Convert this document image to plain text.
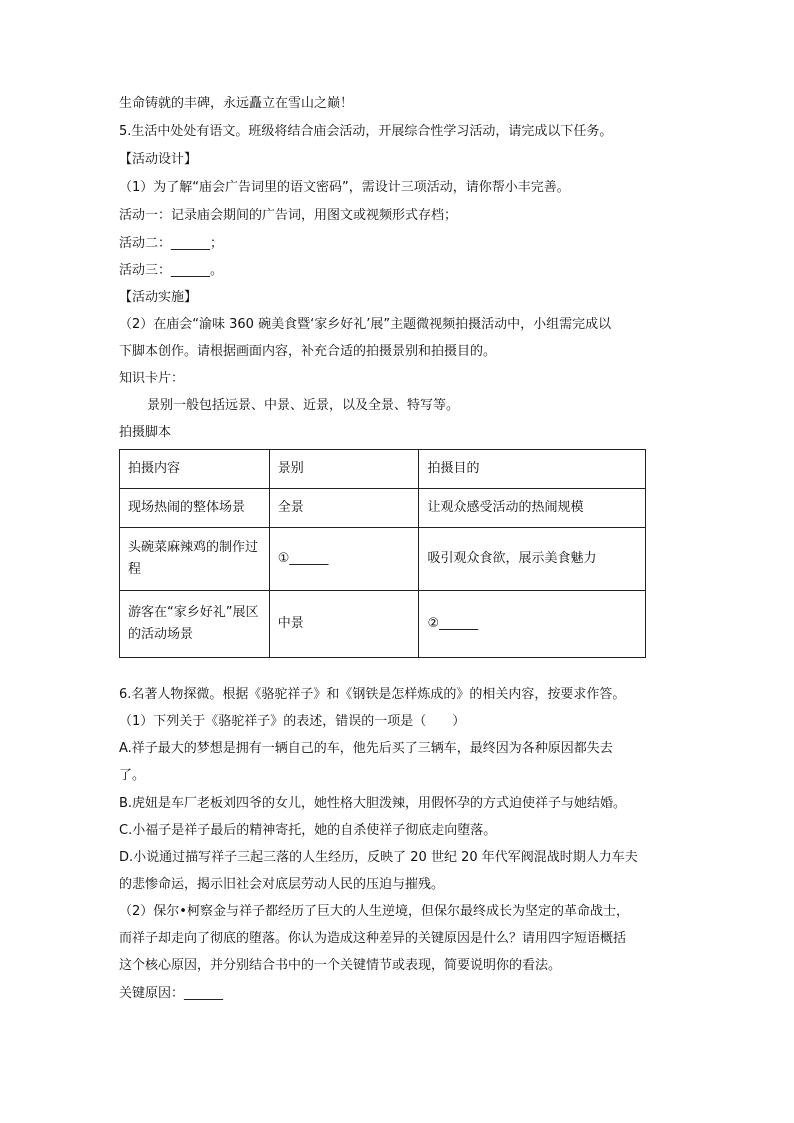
生命铸就的丰碑，永远矗立在雪山之巅！
5.生活中处处有语文。班级将结合庙会活动，开展综合性学习活动，请完成以下任务。
【活动设计】
（1）为了解“庙会广告词里的语文密码”，需设计三项活动，请你帮小丰完善。
活动一：记录庙会期间的广告词，用图文或视频形式存档；
活动二：______；
活动三：______。
【活动实施】
（2）在庙会“渝味 360 碗美食暨‘家乡好礼’展”主题微视频拍摄活动中，小组需完成以
下脚本创作。请根据画面内容，补充合适的拍摄景别和拍摄目的。
知识卡片：
景别一般包括远景、中景、近景，以及全景、特写等。
拍摄脚本
拍摄内容	景别	拍摄目的
现场热闹的整体场景	全景	让观众感受活动的热闹规模
头碗菜麻辣鸡的制作过程	①______	吸引观众食欲，展示美食魅力
游客在“家乡好礼”展区的活动场景	中景	②______
6.名著人物探微。根据《骆驼祥子》和《钢铁是怎样炼成的》的相关内容，按要求作答。
（1）下列关于《骆驼祥子》的表述，错误的一项是（　　）
A.祥子最大的梦想是拥有一辆自己的车，他先后买了三辆车，最终因为各种原因都失去
了。
B.虎妞是车厂老板刘四爷的女儿，她性格大胆泼辣，用假怀孕的方式迫使祥子与她结婚。
C.小福子是祥子最后的精神寄托，她的自杀使祥子彻底走向堕落。
D.小说通过描写祥子三起三落的人生经历，反映了 20 世纪 20 年代军阀混战时期人力车夫
的悲惨命运，揭示旧社会对底层劳动人民的压迫与摧残。
（2）保尔•柯察金与祥子都经历了巨大的人生逆境，但保尔最终成长为坚定的革命战士，
而祥子却走向了彻底的堕落。你认为造成这种差异的关键原因是什么？请用四字短语概括
这个核心原因，并分别结合书中的一个关键情节或表现，简要说明你的看法。
关键原因：______
